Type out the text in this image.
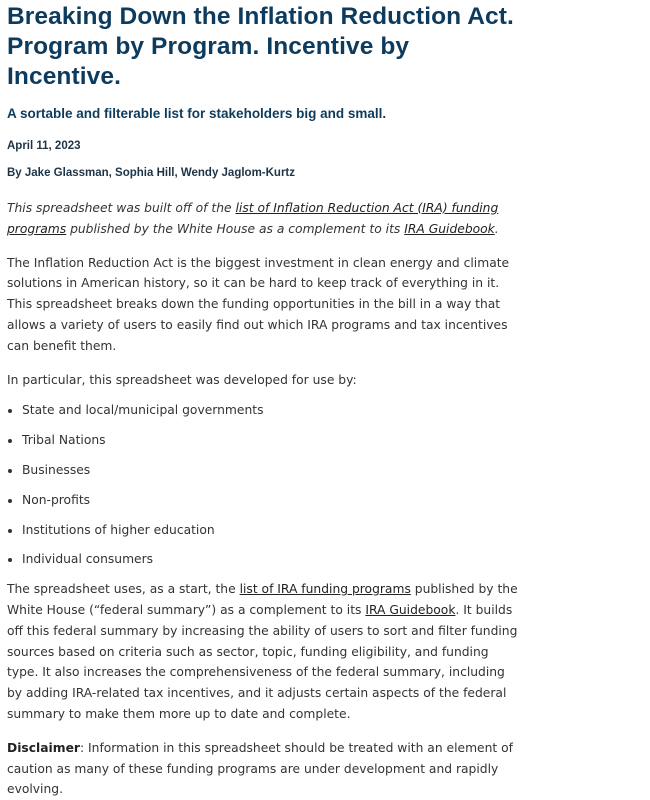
Breaking Down the Inflation Reduction Act. Program by Program. Incentive by Incentive.
A sortable and filterable list for stakeholders big and small.
April 11, 2023
By Jake Glassman, Sophia Hill, Wendy Jaglom-Kurtz

This spreadsheet was built off of the list of Inflation Reduction Act (IRA) funding programs published by the White House as a complement to its IRA Guidebook.

The Inflation Reduction Act is the biggest investment in clean energy and climate solutions in American history, so it can be hard to keep track of everything in it. This spreadsheet breaks down the funding opportunities in the bill in a way that allows a variety of users to easily find out which IRA programs and tax incentives can benefit them.

In particular, this spreadsheet was developed for use by:

• State and local/municipal governments
• Tribal Nations
• Businesses
• Non-profits
• Institutions of higher education
• Individual consumers

The spreadsheet uses, as a start, the list of IRA funding programs published by the White House (“federal summary”) as a complement to its IRA Guidebook. It builds off this federal summary by increasing the ability of users to sort and filter funding sources based on criteria such as sector, topic, funding eligibility, and funding type. It also increases the comprehensiveness of the federal summary, including by adding IRA-related tax incentives, and it adjusts certain aspects of the federal summary to make them more up to date and complete.

Disclaimer: Information in this spreadsheet should be treated with an element of caution as many of these funding programs are under development and rapidly evolving.
